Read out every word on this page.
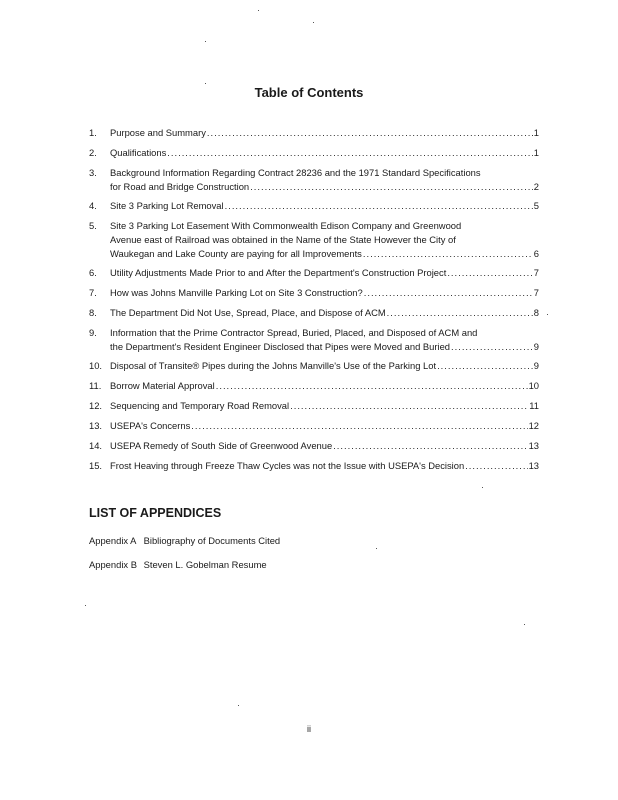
Table of Contents
1.	Purpose and Summary .....	1
2.	Qualifications .....	1
3.	Background Information Regarding Contract 28236 and the 1971 Standard Specifications
for Road and Bridge Construction .....	2
4.	Site 3 Parking Lot Removal .....	5
5.	Site 3 Parking Lot Easement With Commonwealth Edison Company and Greenwood
Avenue east of Railroad was obtained in the Name of the State However the City of
Waukegan and Lake County are paying for all Improvements .....	6
6.	Utility Adjustments Made Prior to and After the Department's Construction Project .....	7
7.	How was Johns Manville Parking Lot on Site 3 Construction? .....	7
8.	The Department Did Not Use, Spread, Place, and Dispose of ACM .....	8
9.	Information that the Prime Contractor Spread, Buried, Placed, and Disposed of ACM and
the Department's Resident Engineer Disclosed that Pipes were Moved and Buried .....	9
10. Disposal of Transite® Pipes during the Johns Manville's Use of the Parking Lot .....	9
11. Borrow Material Approval .....	10
12. Sequencing and Temporary Road Removal .....	11
13. USEPA's Concerns .....	12
14. USEPA Remedy of South Side of Greenwood Avenue .....	13
15. Frost Heaving through Freeze Thaw Cycles was not the Issue with USEPA's Decision .....	13
LIST OF APPENDICES
Appendix A Bibliography of Documents Cited
Appendix B Steven L. Gobelman Resume
ii
